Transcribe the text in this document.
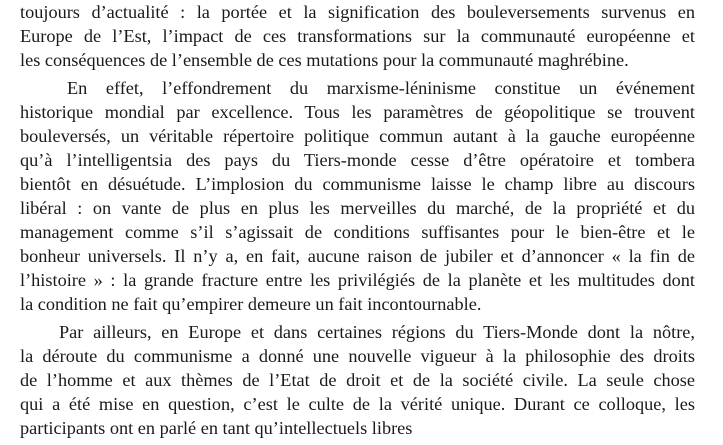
toujours d’actualité : la portée et la signification des bouleversements survenus en
Europe de l’Est, l’impact de ces transformations sur la communauté européenne et
les conséquences de l’ensemble de ces mutations pour la communauté maghrébine.
En effet, l’effondrement du marxisme-léninisme constitue un événement
historique mondial par excellence. Tous les paramètres de géopolitique se trouvent
bouleversés, un véritable répertoire politique commun autant à la gauche européenne
qu’à l’intelligentsia des pays du Tiers-monde cesse d’être opératoire et tombera
bientôt en désuétude. L’implosion du communisme laisse le champ libre au discours
libéral : on vante de plus en plus les merveilles du marché, de la propriété et du
management comme s’il s’agissait de conditions suffisantes pour le bien-être et le
bonheur universels. Il n’y a, en fait, aucune raison de jubiler et d’annoncer « la fin de
l’histoire » : la grande fracture entre les privilégiés de la planète et les multitudes dont
la condition ne fait qu’empirer demeure un fait incontournable.
Par ailleurs, en Europe et dans certaines régions du Tiers-Monde dont la nôtre,
la déroute du communisme a donné une nouvelle vigueur à la philosophie des droits
de l’homme et aux thèmes de l’Etat de droit et de la société civile. La seule chose
qui a été mise en question, c’est le culte de la vérité unique. Durant ce colloque, les
participants ont en parlé en tant qu’intellectuels libres
